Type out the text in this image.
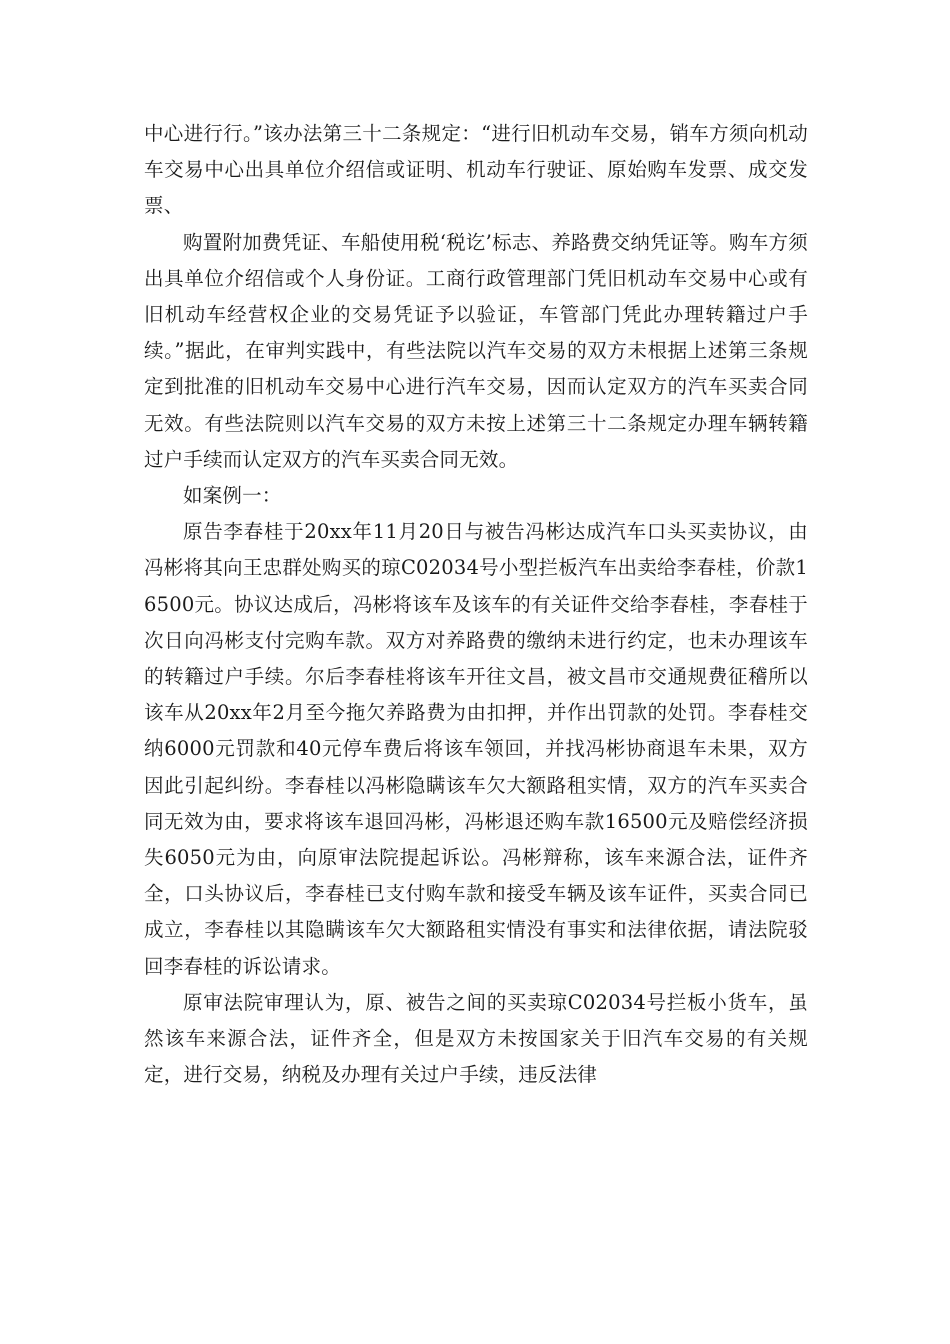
中心进行行。”该办法第三十二条规定：“进行旧机动车交易，销车方须向机动车交易中心出具单位介绍信或证明、机动车行驶证、原始购车发票、成交发票、

购置附加费凭证、车船使用税‘税讫’标志、养路费交纳凭证等。购车方须出具单位介绍信或个人身份证。工商行政管理部门凭旧机动车交易中心或有旧机动车经营权企业的交易凭证予以验证，车管部门凭此办理转籍过户手续。”据此，在审判实践中，有些法院以汽车交易的双方未根据上述第三条规定到批准的旧机动车交易中心进行汽车交易，因而认定双方的汽车买卖合同无效。有些法院则以汽车交易的双方未按上述第三十二条规定办理车辆转籍过户手续而认定双方的汽车买卖合同无效。

如案例一：

原告李春桂于20xx年11月20日与被告冯彬达成汽车口头买卖协议，由冯彬将其向王忠群处购买的琼C02034号小型拦板汽车出卖给李春桂，价款16500元。协议达成后，冯彬将该车及该车的有关证件交给李春桂，李春桂于次日向冯彬支付完购车款。双方对养路费的缴纳未进行约定，也未办理该车的转籍过户手续。尔后李春桂将该车开往文昌，被文昌市交通规费征稽所以该车从20xx年2月至今拖欠养路费为由扣押，并作出罚款的处罚。李春桂交纳6000元罚款和40元停车费后将该车领回，并找冯彬协商退车未果，双方因此引起纠纷。李春桂以冯彬隐瞒该车欠大额路租实情，双方的汽车买卖合同无效为由，要求将该车退回冯彬，冯彬退还购车款16500元及赔偿经济损失6050元为由，向原审法院提起诉讼。冯彬辩称，该车来源合法，证件齐全，口头协议后，李春桂已支付购车款和接受车辆及该车证件，买卖合同已成立，李春桂以其隐瞒该车欠大额路租实情没有事实和法律依据，请法院驳回李春桂的诉讼请求。

原审法院审理认为，原、被告之间的买卖琼C02034号拦板小货车，虽然该车来源合法，证件齐全，但是双方未按国家关于旧汽车交易的有关规定，进行交易，纳税及办理有关过户手续，违反法律
